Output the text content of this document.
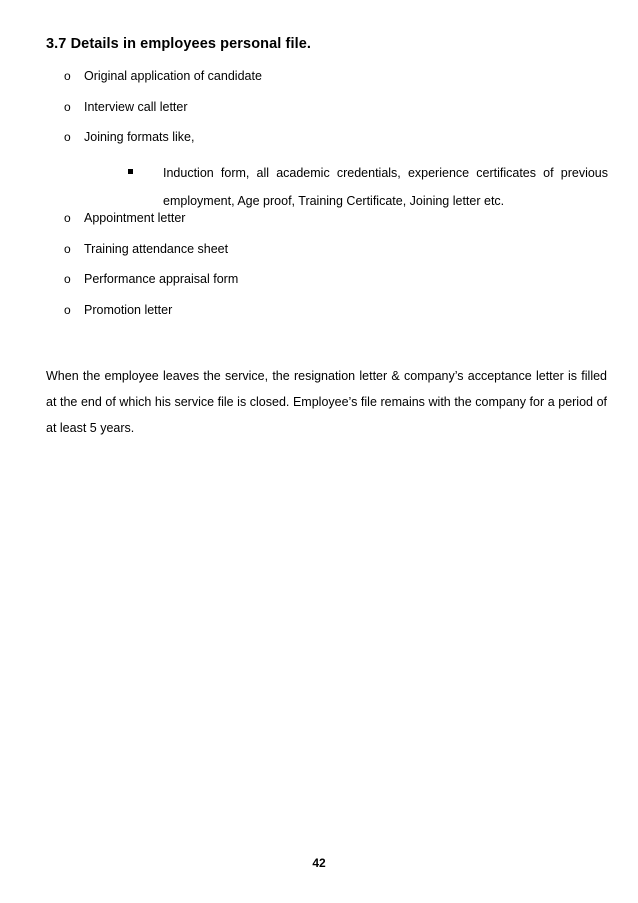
3.7 Details in employees personal file.
o Original application of candidate
o Interview call letter
o Joining formats like,
Induction form, all academic credentials, experience certificates of previous employment, Age proof, Training Certificate, Joining letter etc.
o Appointment letter
o Training attendance sheet
o Performance appraisal form
o Promotion letter
When the employee leaves the service, the resignation letter & company’s acceptance letter is filled at the end of which his service file is closed. Employee’s file remains with the company for a period of at least 5 years.
42
